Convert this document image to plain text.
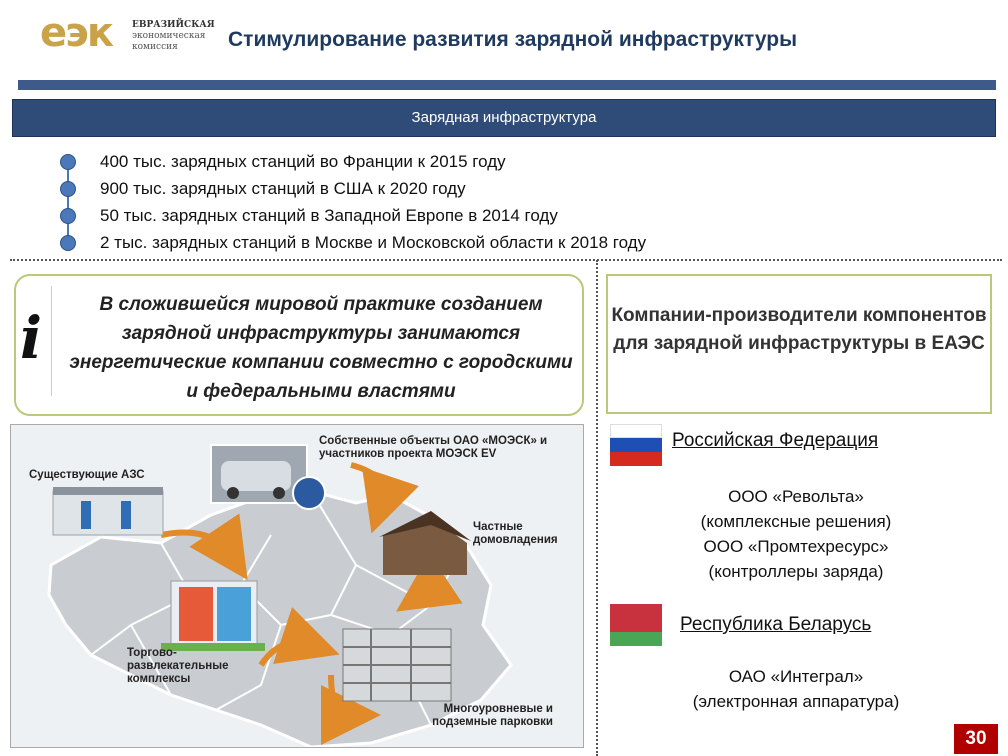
еэк ЕВРАЗИЙСКАЯ
экономическая
комиссия	Стимулирование развития зарядной инфраструктуры
Зарядная инфраструктура
400 тыс. зарядных станций во Франции к 2015 году
900 тыс. зарядных станций в США к 2020 году
50 тыс. зарядных станций в Западной Европе в 2014 году
2 тыс. зарядных станций в Москве и Московской области к 2018 году
i	В сложившейся мировой практике созданием зарядной инфраструктуры занимаются энергетические компании совместно с городскими и федеральными властями
Собственные объекты ОАО «МОЭСК» и участников проекта МОЭСК EV
Существующие АЗС
Частные домовладения
Торгово-развлекательные комплексы
Многоуровневые и подземные парковки
Компании-производители компонентов для зарядной инфраструктуры в ЕАЭС
Российская Федерация
ООО «Револьта»
(комплексные решения)
ООО «Промтехресурс»
(контроллеры заряда)
Республика Беларусь
ОАО «Интеграл»
(электронная аппаратура)
30
